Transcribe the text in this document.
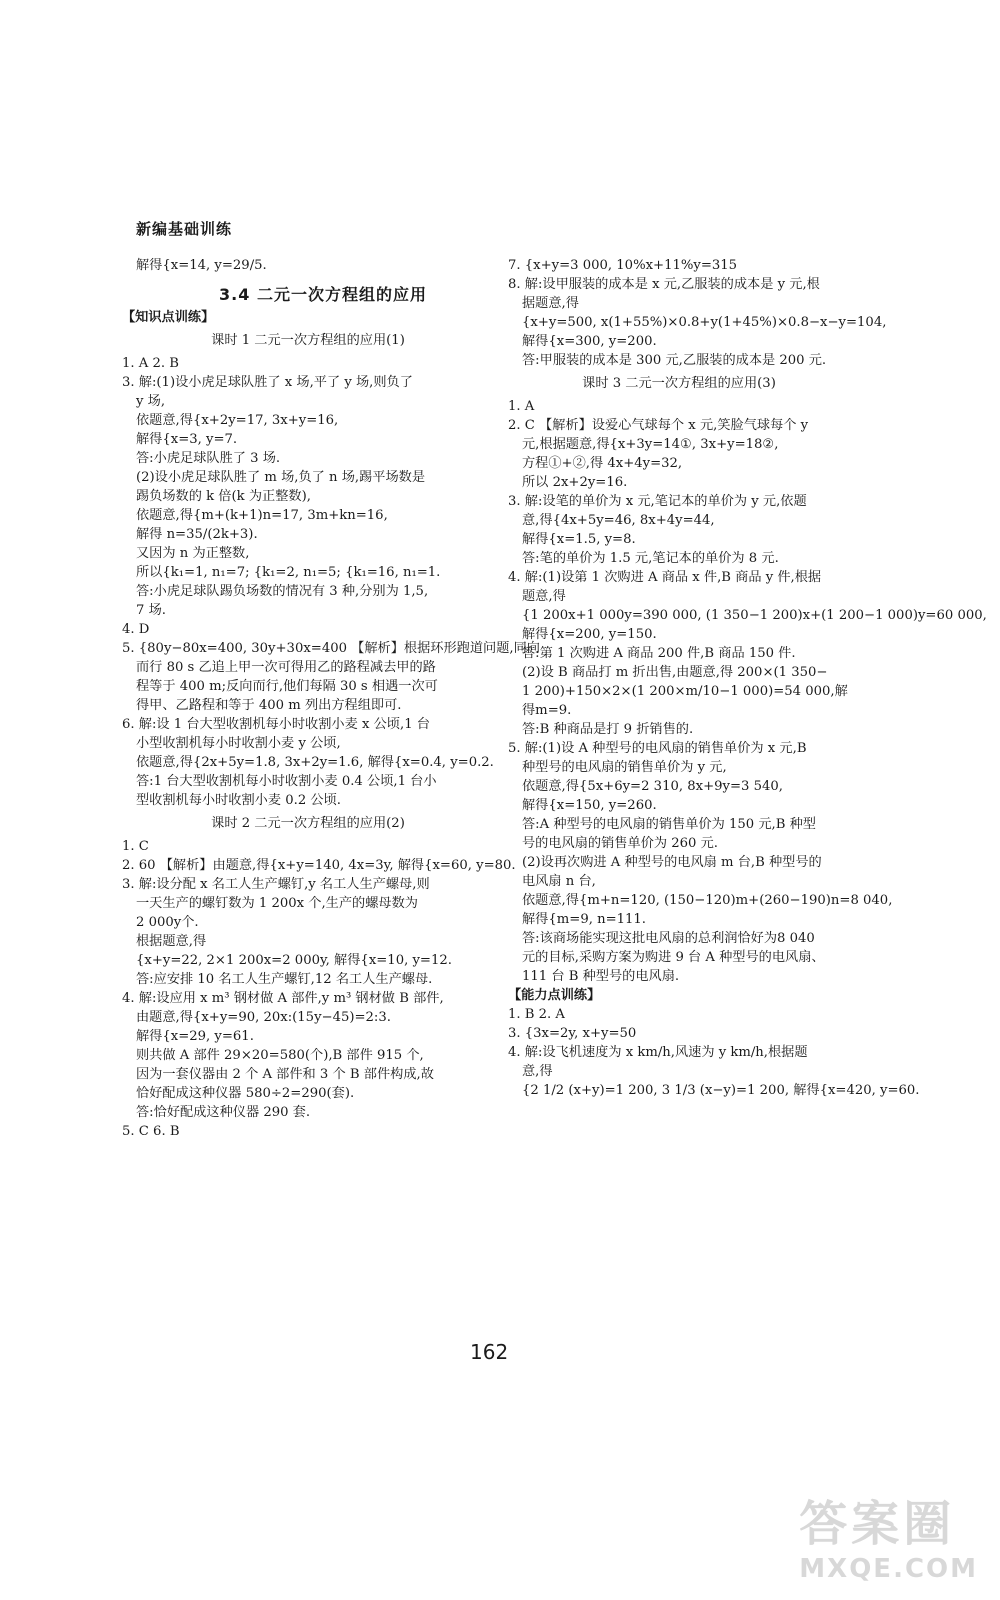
新编基础训练
解得{x=14, y=29/5.
3.4 二元一次方程组的应用
【知识点训练】
课时 1 二元一次方程组的应用(1)
1. A 2. B
3. 解:(1)设小虎足球队胜了 x 场,平了 y 场,则负了
y 场,
依题意,得{x+2y=17, 3x+y=16,
解得{x=3, y=7.
答:小虎足球队胜了 3 场.
(2)设小虎足球队胜了 m 场,负了 n 场,踢平场数是
踢负场数的 k 倍(k 为正整数),
依题意,得{m+(k+1)n=17, 3m+kn=16,
解得 n=35/(2k+3).
又因为 n 为正整数,
所以{k₁=1, n₁=7; {k₁=2, n₁=5; {k₁=16, n₁=1.
答:小虎足球队踢负场数的情况有 3 种,分别为 1,5,
7 场.
4. D
5. {80y−80x=400, 30y+30x=400 【解析】根据环形跑道问题,同向
而行 80 s 乙追上甲一次可得用乙的路程减去甲的路
程等于 400 m;反向而行,他们每隔 30 s 相遇一次可
得甲、乙路程和等于 400 m 列出方程组即可.
6. 解:设 1 台大型收割机每小时收割小麦 x 公顷,1 台
小型收割机每小时收割小麦 y 公顷,
依题意,得{2x+5y=1.8, 3x+2y=1.6, 解得{x=0.4, y=0.2.
答:1 台大型收割机每小时收割小麦 0.4 公顷,1 台小
型收割机每小时收割小麦 0.2 公顷.
课时 2 二元一次方程组的应用(2)
1. C
2. 60 【解析】由题意,得{x+y=140, 4x=3y, 解得{x=60, y=80.
3. 解:设分配 x 名工人生产螺钉,y 名工人生产螺母,则
一天生产的螺钉数为 1 200x 个,生产的螺母数为
2 000y个.
根据题意,得
{x+y=22, 2×1 200x=2 000y, 解得{x=10, y=12.
答:应安排 10 名工人生产螺钉,12 名工人生产螺母.
4. 解:设应用 x m³ 钢材做 A 部件,y m³ 钢材做 B 部件,
由题意,得{x+y=90, 20x:(15y−45)=2:3.
解得{x=29, y=61.
则共做 A 部件 29×20=580(个),B 部件 915 个,
因为一套仪器由 2 个 A 部件和 3 个 B 部件构成,故
恰好配成这种仪器 580÷2=290(套).
答:恰好配成这种仪器 290 套.
5. C 6. B
7. {x+y=3 000, 10%x+11%y=315
8. 解:设甲服装的成本是 x 元,乙服装的成本是 y 元,根
据题意,得
{x+y=500, x(1+55%)×0.8+y(1+45%)×0.8−x−y=104,
解得{x=300, y=200.
答:甲服装的成本是 300 元,乙服装的成本是 200 元.
课时 3 二元一次方程组的应用(3)
1. A
2. C 【解析】设爱心气球每个 x 元,笑脸气球每个 y
元,根据题意,得{x+3y=14①, 3x+y=18②,
方程①+②,得 4x+4y=32,
所以 2x+2y=16.
3. 解:设笔的单价为 x 元,笔记本的单价为 y 元,依题
意,得{4x+5y=46, 8x+4y=44,
解得{x=1.5, y=8.
答:笔的单价为 1.5 元,笔记本的单价为 8 元.
4. 解:(1)设第 1 次购进 A 商品 x 件,B 商品 y 件,根据
题意,得
{1 200x+1 000y=390 000, (1 350−1 200)x+(1 200−1 000)y=60 000,
解得{x=200, y=150.
答:第 1 次购进 A 商品 200 件,B 商品 150 件.
(2)设 B 商品打 m 折出售,由题意,得 200×(1 350−
1 200)+150×2×(1 200×m/10−1 000)=54 000,解
得m=9.
答:B 种商品是打 9 折销售的.
5. 解:(1)设 A 种型号的电风扇的销售单价为 x 元,B
种型号的电风扇的销售单价为 y 元,
依题意,得{5x+6y=2 310, 8x+9y=3 540,
解得{x=150, y=260.
答:A 种型号的电风扇的销售单价为 150 元,B 种型
号的电风扇的销售单价为 260 元.
(2)设再次购进 A 种型号的电风扇 m 台,B 种型号的
电风扇 n 台,
依题意,得{m+n=120, (150−120)m+(260−190)n=8 040,
解得{m=9, n=111.
答:该商场能实现这批电风扇的总利润恰好为8 040
元的目标,采购方案为购进 9 台 A 种型号的电风扇、
111 台 B 种型号的电风扇.
【能力点训练】
1. B 2. A
3. {3x=2y, x+y=50
4. 解:设飞机速度为 x km/h,风速为 y km/h,根据题
意,得
{2 1/2 (x+y)=1 200, 3 1/3 (x−y)=1 200, 解得{x=420, y=60.
162
答案圈
MXQE.COM
